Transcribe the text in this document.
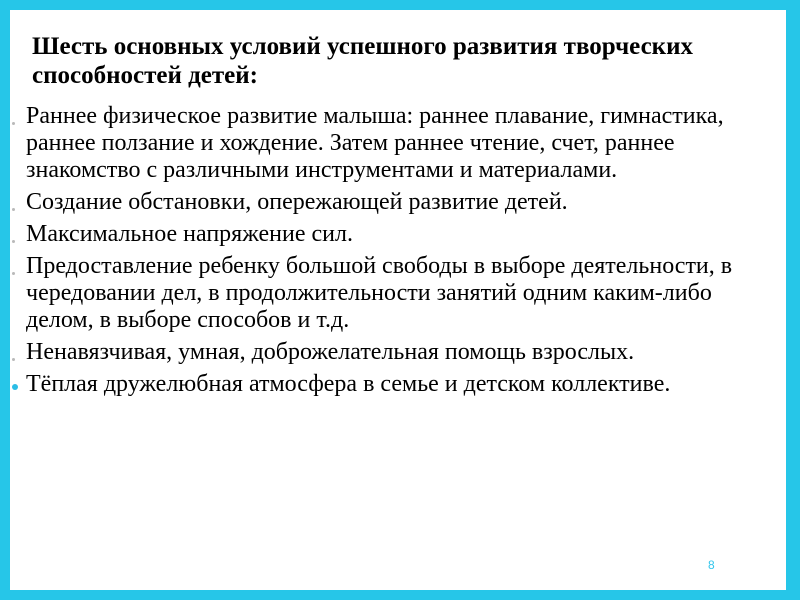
Шесть основных условий успешного развития творческих способностей детей:
Раннее физическое развитие малыша: раннее плавание, гимнастика, раннее ползание и хождение. Затем раннее чтение, счет, раннее знакомство с различными инструментами и материалами.
Создание обстановки, опережающей развитие детей.
Максимальное напряжение сил.
Предоставление ребенку большой свободы в выборе деятельности, в чередовании дел, в продолжительности занятий одним каким-либо делом, в выборе способов и т.д.
Ненавязчивая, умная, доброжелательная помощь взрослых.
Тёплая дружелюбная атмосфера в семье и детском коллективе.
8
